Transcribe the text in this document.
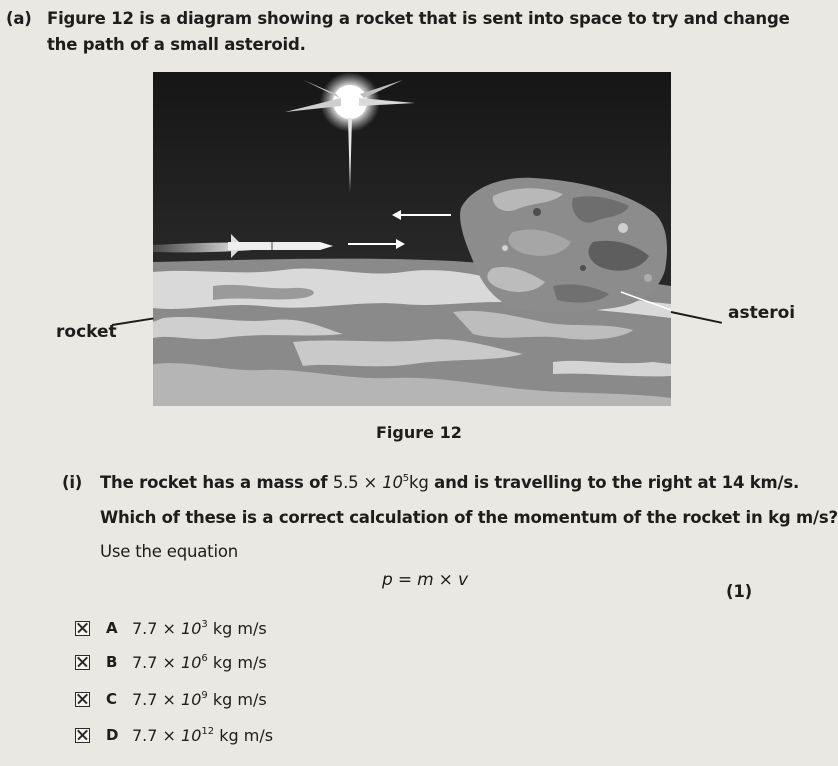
(a) Figure 12 is a diagram showing a rocket that is sent into space to try and change
the path of a small asteroid.
asteroi
rocket
Figure 12
(i) The rocket has a mass of $5.5 \times 10^5kg$ and is travelling to the right at 14 km/s.
Which of these is a correct calculation of the momentum of the rocket in kg m/s?
Use the equation
p = m × v
(1)
A $7.7 \times 10^3$ kg m/s
B $7.7 \times 10^6$ kg m/s
C $7.7 \times 10^9$ kg m/s
D $7.7 \times 10^{12}$ kg m/s
